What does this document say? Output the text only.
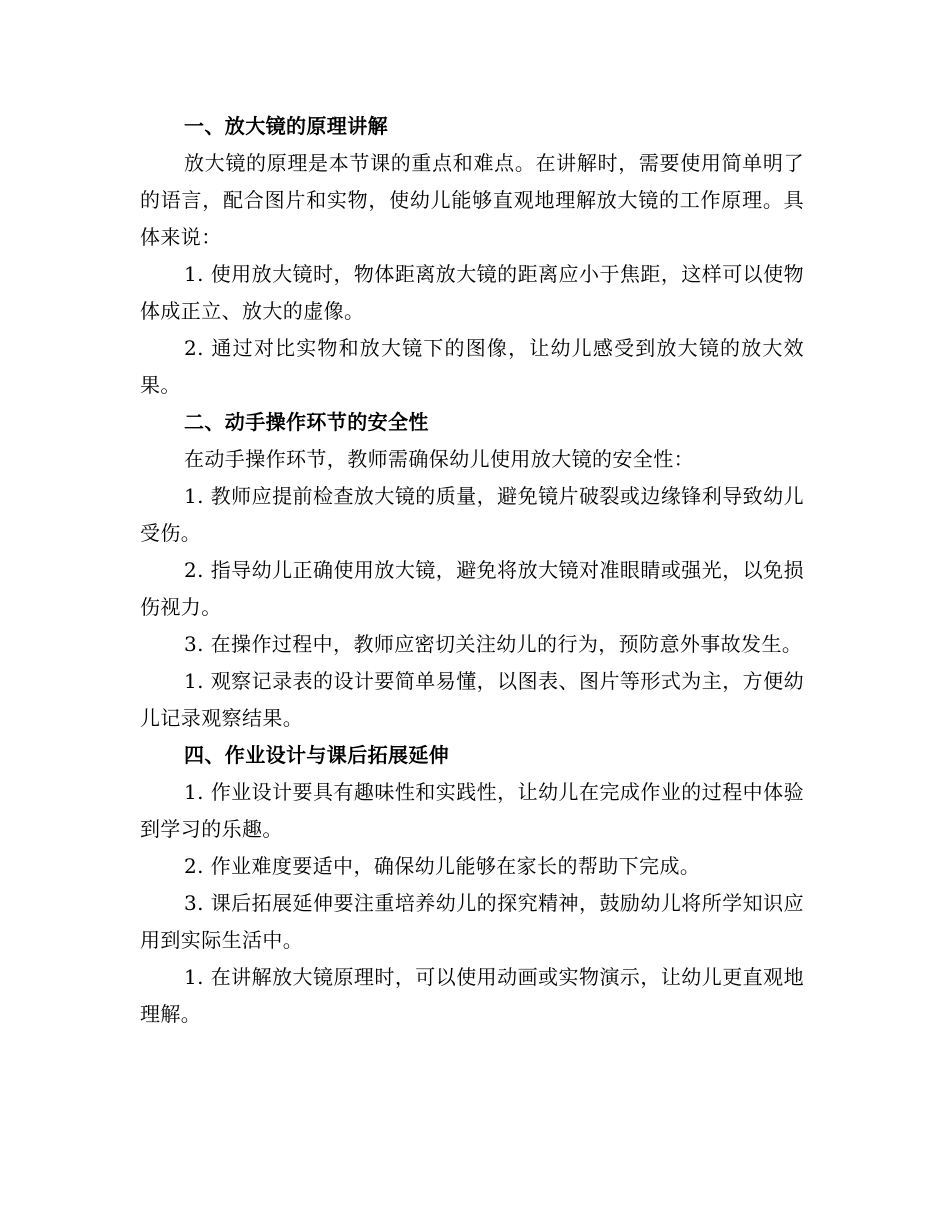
一、放大镜的原理讲解

放大镜的原理是本节课的重点和难点。在讲解时，需要使用简单明了的语言，配合图片和实物，使幼儿能够直观地理解放大镜的工作原理。具体来说：

1. 使用放大镜时，物体距离放大镜的距离应小于焦距，这样可以使物体成正立、放大的虚像。

2. 通过对比实物和放大镜下的图像，让幼儿感受到放大镜的放大效果。

二、动手操作环节的安全性

在动手操作环节，教师需确保幼儿使用放大镜的安全性：

1. 教师应提前检查放大镜的质量，避免镜片破裂或边缘锋利导致幼儿受伤。

2. 指导幼儿正确使用放大镜，避免将放大镜对准眼睛或强光，以免损伤视力。

3. 在操作过程中，教师应密切关注幼儿的行为，预防意外事故发生。

1. 观察记录表的设计要简单易懂，以图表、图片等形式为主，方便幼儿记录观察结果。

四、作业设计与课后拓展延伸

1. 作业设计要具有趣味性和实践性，让幼儿在完成作业的过程中体验到学习的乐趣。

2. 作业难度要适中，确保幼儿能够在家长的帮助下完成。

3. 课后拓展延伸要注重培养幼儿的探究精神，鼓励幼儿将所学知识应用到实际生活中。

1. 在讲解放大镜原理时，可以使用动画或实物演示，让幼儿更直观地理解。
